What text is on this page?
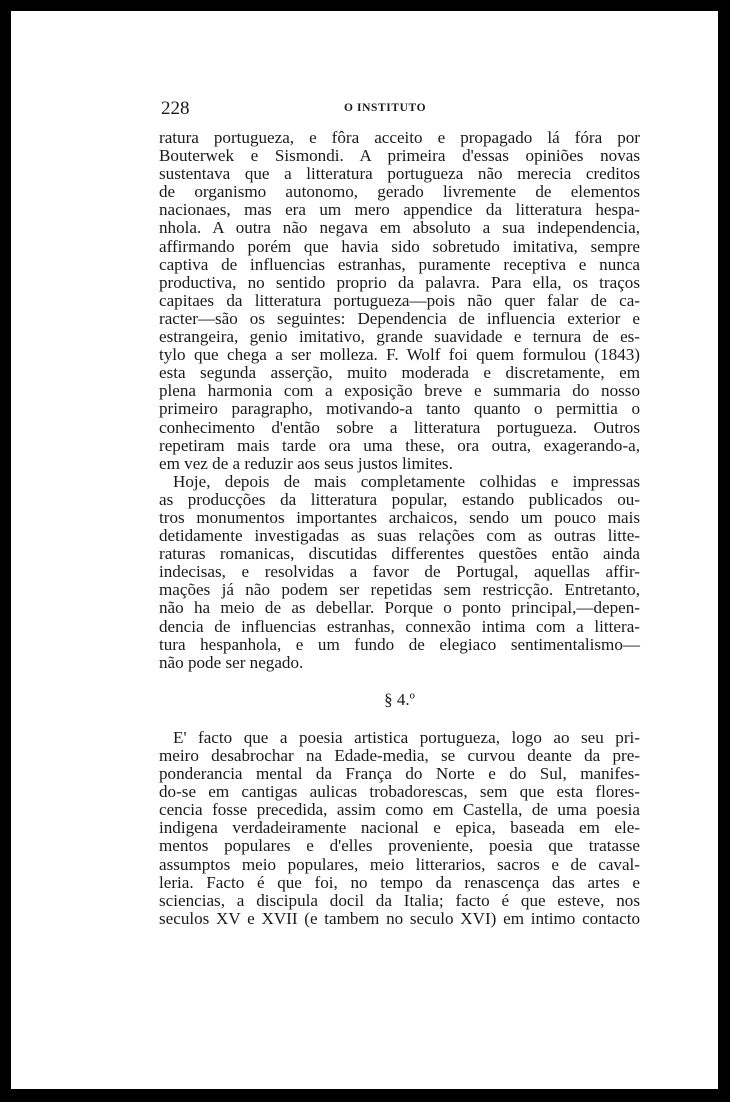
228	O INSTITUTO

ratura portugueza, e fôra acceito e propagado lá fóra por
Bouterwek e Sismondi. A primeira d'essas opiniões novas
sustentava que a litteratura portugueza não merecia creditos
de organismo autonomo, gerado livremente de elementos
nacionaes, mas era um mero appendice da litteratura hespa-
nhola. A outra não negava em absoluto a sua independencia,
affirmando porém que havia sido sobretudo imitativa, sempre
captiva de influencias estranhas, puramente receptiva e nunca
productiva, no sentido proprio da palavra. Para ella, os traços
capitaes da litteratura portugueza—pois não quer falar de ca-
racter—são os seguintes: Dependencia de influencia exterior e
estrangeira, genio imitativo, grande suavidade e ternura de es-
tylo que chega a ser molleza. F. Wolf foi quem formulou (1843)
esta segunda asserção, muito moderada e discretamente, em
plena harmonia com a exposição breve e summaria do nosso
primeiro paragrapho, motivando-a tanto quanto o permittia o
conhecimento d'então sobre a litteratura portugueza. Outros
repetiram mais tarde ora uma these, ora outra, exagerando-a,
em vez de a reduzir aos seus justos limites.

Hoje, depois de mais completamente colhidas e impressas
as producções da litteratura popular, estando publicados ou-
tros monumentos importantes archaicos, sendo um pouco mais
detidamente investigadas as suas relações com as outras litte-
raturas romanicas, discutidas differentes questões então ainda
indecisas, e resolvidas a favor de Portugal, aquellas affir-
mações já não podem ser repetidas sem restricção. Entretanto,
não ha meio de as debellar. Porque o ponto principal,—depen-
dencia de influencias estranhas, connexão intima com a littera-
tura hespanhola, e um fundo de elegiaco sentimentalismo—
não pode ser negado.

§ 4.º

E' facto que a poesia artistica portugueza, logo ao seu pri-
meiro desabrochar na Edade-media, se curvou deante da pre-
ponderancia mental da França do Norte e do Sul, manifes-
do-se em cantigas aulicas trobadorescas, sem que esta flores-
cencia fosse precedida, assim como em Castella, de uma poesia
indigena verdadeiramente nacional e epica, baseada em ele-
mentos populares e d'elles proveniente, poesia que tratasse
assumptos meio populares, meio litterarios, sacros e de caval-
leria. Facto é que foi, no tempo da renascença das artes e
sciencias, a discipula docil da Italia; facto é que esteve, nos
seculos XV e XVII (e tambem no seculo XVI) em intimo contacto
